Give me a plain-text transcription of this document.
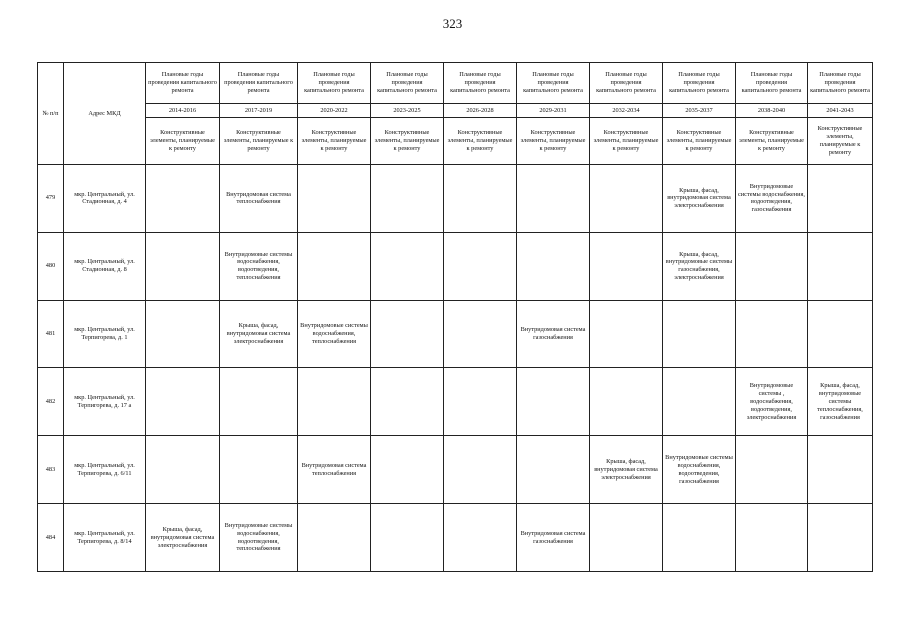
323
№ п/п	Адрес МКД	Плановые годы проведения капитального ремонта	Плановые годы проведения капитального ремонта	Плановые годы проведения капитального ремонта	Плановые годы проведения капитального ремонта	Плановые годы проведения капитального ремонта	Плановые годы проведения капитального ремонта	Плановые годы проведения капитального ремонта	Плановые годы проведения капитального ремонта	Плановые годы проведения капитального ремонта	Плановые годы проведения капитального ремонта
		2014-2016	2017-2019	2020-2022	2023-2025	2026-2028	2029-2031	2032-2034	2035-2037	2038-2040	2041-2043
		Конструктивные элементы, планируемые к ремонту	Конструктивные элементы, планируемые к ремонту	Конструктивные элементы, планируемые к ремонту	Конструктивные элементы, планируемые к ремонту	Конструктивные элементы, планируемые к ремонту	Конструктивные элементы, планируемые к ремонту	Конструктивные элементы, планируемые к ремонту	Конструктивные элементы, планируемые к ремонту	Конструктивные элементы, планируемые к ремонту	Конструктивные элементы, планируемые к ремонту
479	мкр. Центральный, ул. Стадионная, д. 4		Внутридомовая система теплоснабжения						Крыша, фасад, внутридомовая система электроснабжения	Внутридомовые системы водоснабжения, водоотведения, газоснабжения	
480	мкр. Центральный, ул. Стадионная, д. 8		Внутридомовые системы водоснабжения, водоотведения, теплоснабжения						Крыша, фасад, внутридомовые системы газоснабжения, электроснабжения		
481	мкр. Центральный, ул. Терпигорева, д. 1		Крыша, фасад, внутридомовая система электроснабжения	Внутридомовые системы водоснабжения, теплоснабжения			Внутридомовая система газоснабжения				
482	мкр. Центральный, ул. Терпигорева, д. 17 а									Внутридомовые системы , водоснабжения, водоотведения, электроснабжения	Крыша, фасад, внутридомовые системы теплоснабжения, газоснабжения
483	мкр. Центральный, ул. Терпигорева, д. 6/11			Внутридомовая система теплоснабжения				Крыша, фасад, внутридомовая система электроснабжения	Внутридомовые системы водоснабжения, водоотведения, газоснабжения		
484	мкр. Центральный, ул. Терпигорева, д. 8/14	Крыша, фасад, внутридомовая система электроснабжения	Внутридомовые системы водоснабжения, водоотведения, теплоснабжения				Внутридомовая система газоснабжения				
